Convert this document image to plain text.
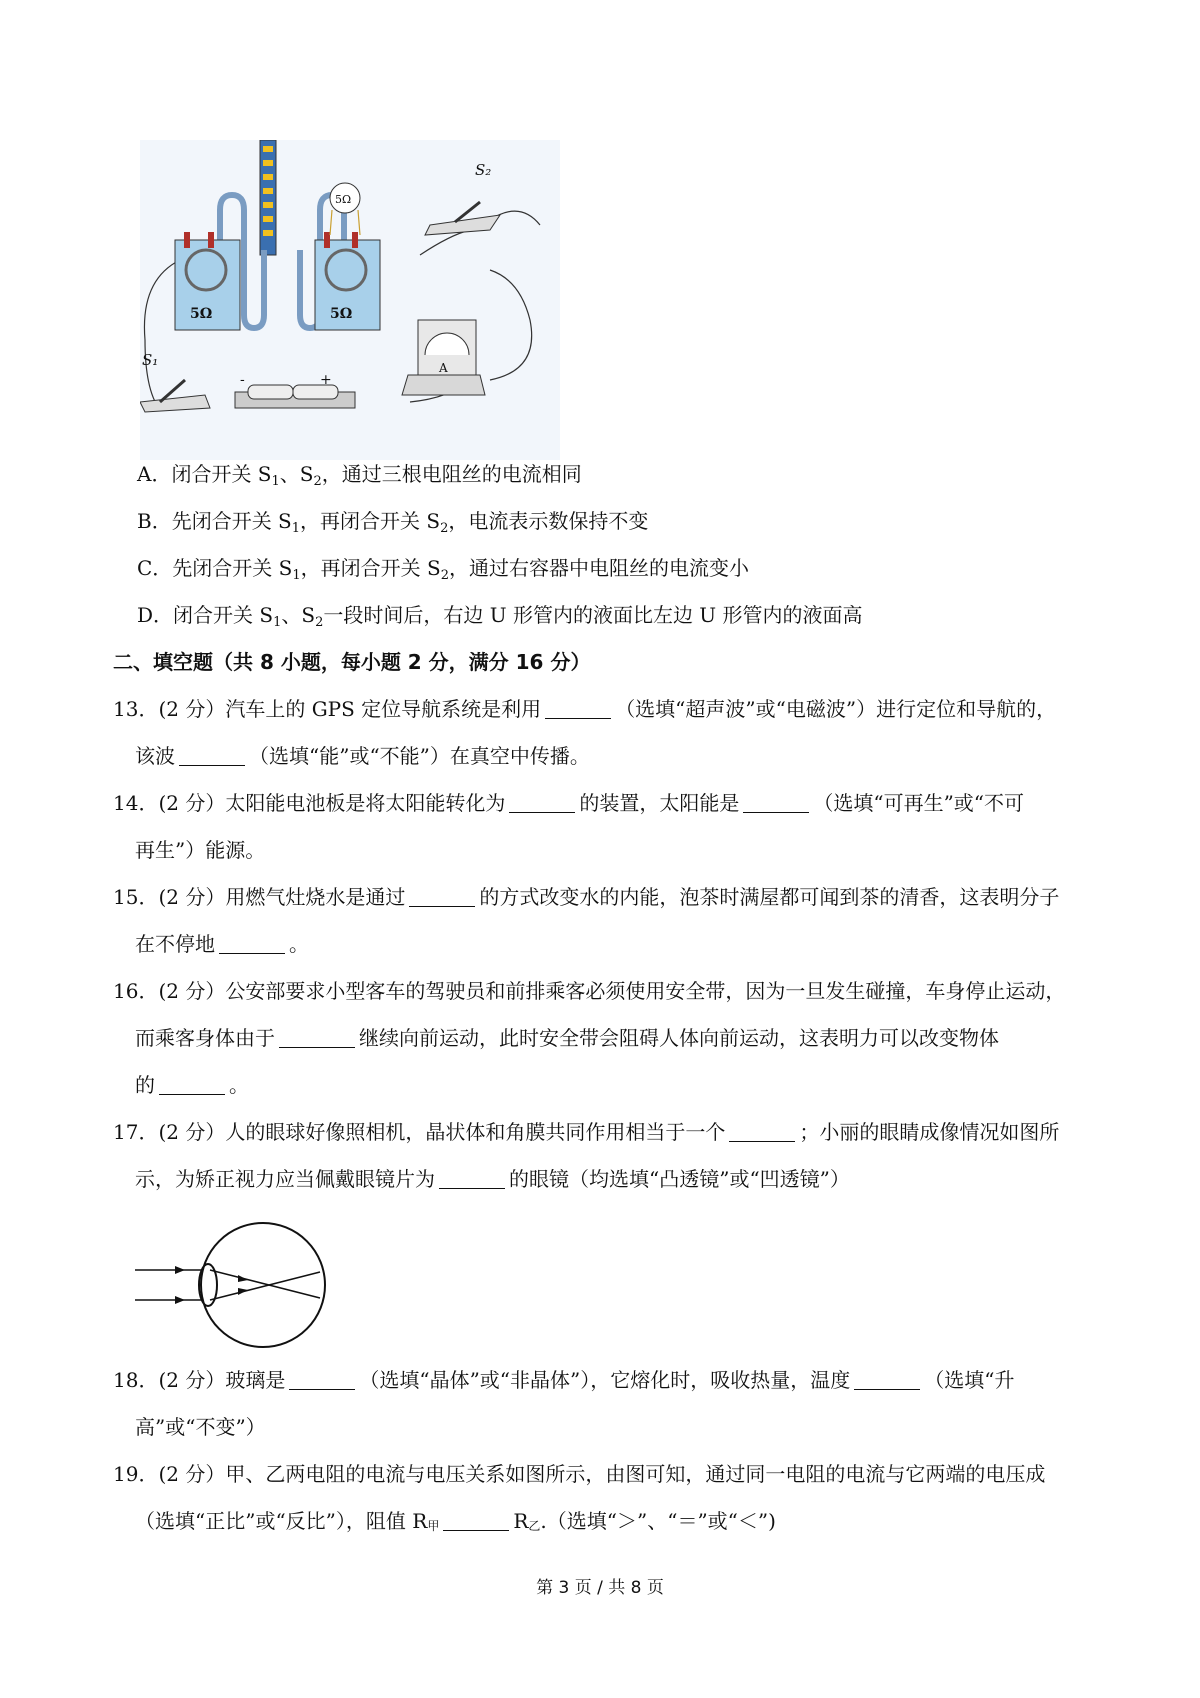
5Ω	5Ω
5Ω
S₂
S₁
-	+
A
A．闭合开关 $S_1$、$S_2$，通过三根电阻丝的电流相同
B．先闭合开关 $S_1$，再闭合开关 $S_2$，电流表示数保持不变
C．先闭合开关 $S_1$，再闭合开关 $S_2$，通过右容器中电阻丝的电流变小
D．闭合开关 $S_1$、$S_2$一段时间后，右边 U 形管内的液面比左边 U 形管内的液面高
二、填空题（共 8 小题，每小题 2 分，满分 16 分）
13．(2 分）汽车上的 GPS 定位导航系统是利用	（选填“超声波”或“电磁波”）进行定位和导航的，
该波	（选填“能”或“不能”）在真空中传播。
14．(2 分）太阳能电池板是将太阳能转化为	的装置，太阳能是	（选填“可再生”或“不可
再生”）能源。
15．(2 分）用燃气灶烧水是通过	的方式改变水的内能，泡茶时满屋都可闻到茶的清香，这表明分子
在不停地	。
16．(2 分）公安部要求小型客车的驾驶员和前排乘客必须使用安全带，因为一旦发生碰撞，车身停止运动，
而乘客身体由于	继续向前运动，此时安全带会阻碍人体向前运动，这表明力可以改变物体
的	。
17．(2 分）人的眼球好像照相机，晶状体和角膜共同作用相当于一个	；小丽的眼睛成像情况如图所
示，为矫正视力应当佩戴眼镜片为	的眼镜（均选填“凸透镜”或“凹透镜”）
18．(2 分）玻璃是	（选填“晶体”或“非晶体”），它熔化时，吸收热量，温度	（选填“升
高”或“不变”）
19．(2 分）甲、乙两电阻的电流与电压关系如图所示，由图可知，通过同一电阻的电流与它两端的电压成
（选填“正比”或“反比”），阻值 R甲	R乙.（选填“＞”、“＝”或“＜”)
第 3 页 / 共 8 页
